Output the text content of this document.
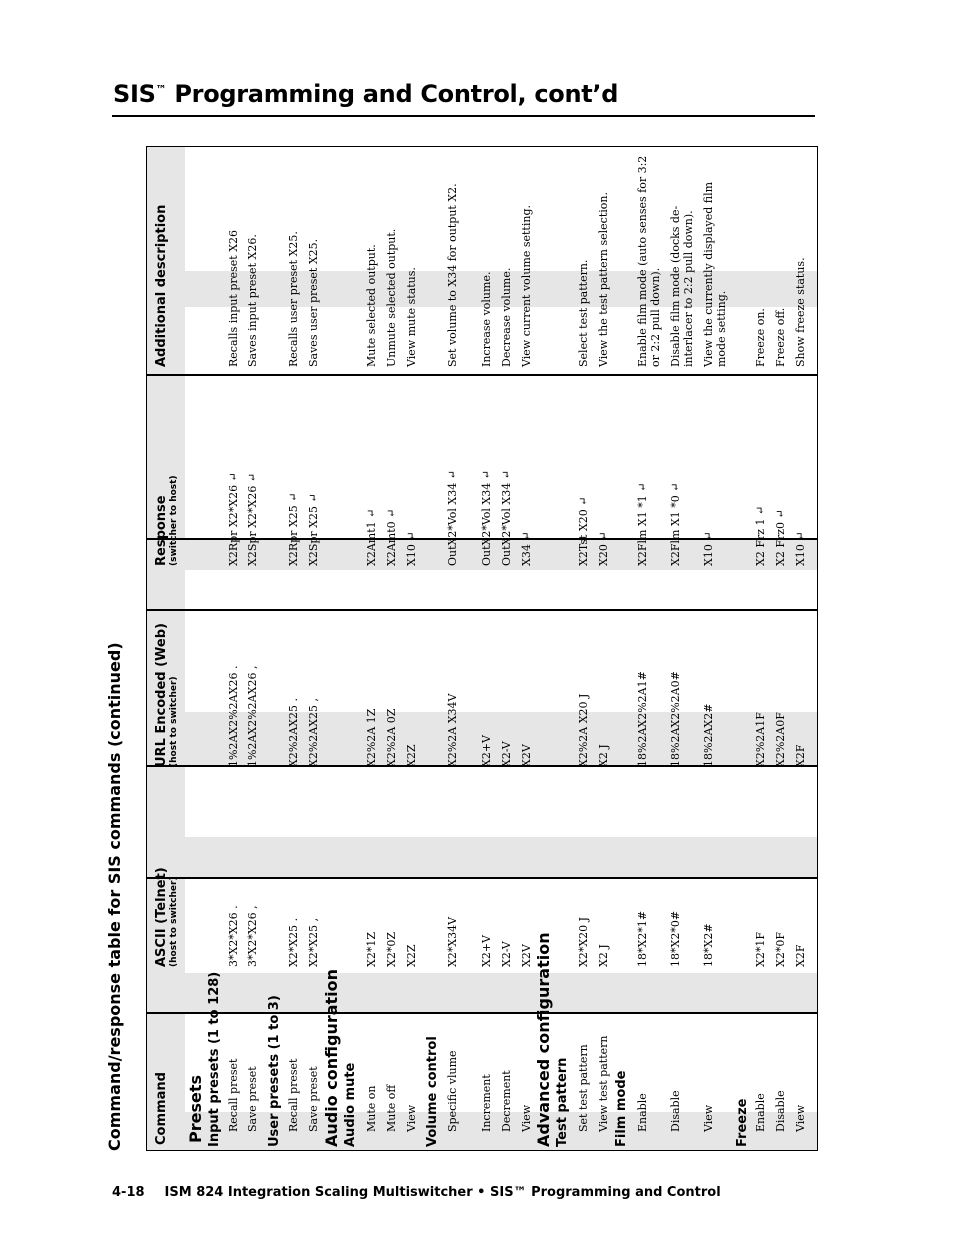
SIS™ Programming and Control, cont’d
Command/response table for SIS commands (continued) Command
ASCII (Telnet) (host to switcher)
URL Encoded (Web) (host to switcher)
Response (switcher to host)
Additional description
Presets Input presets (1 to 128) Recall preset
3*X2*X26 .
1%2AX2%2AX26 .
X2Rpr X2*X26 ↵
Recalls input preset X26
Save preset
3*X2*X26 ,
1%2AX2%2AX26 ,
X2Spr X2*X26 ↵
Saves input preset X26.
User presets (1 to 3) Recall preset
X2*X25 .
X2%2AX25 .
X2Rpr X25 ↵
Recalls user preset X25.
Save preset
X2*X25 ,
X2%2AX25 ,
X2Spr X25 ↵
Saves user preset X25.
Audio configuration Audio mute Mute on
X2*1Z
X2%2A 1Z
X2Amt1 ↵
Mute selected output.
Mute off
X2*0Z
X2%2A 0Z
X2Amt0 ↵
Unmute selected output.
View
X2Z
X2Z
X10 ↵
View mute status.
Volume control Specific vlume
X2*X34V
X2%2A X34V
OutX2*Vol X34 ↵
Set volume to X34 for output X2.
Increment
X2+V
X2+V
OutX2*Vol X34 ↵
Increase volume.
Decrement
X2-V
X2-V
OutX2*Vol X34 ↵
Decrease volume.
View
X2V
X2V
X34 ↵
View current volume setting.
Advanced configuration Test pattern Set test pattern
X2*X20 J
X2%2A X20 J
X2Tst X20 ↵
Select test pattern.
View test pattern
X2 J
X2 J
X20 ↵
View the test pattern selection.
Film mode Enable
18*X2*1#
18%2AX2%2A1#
X2Flm X1 *1 ↵
Enable film mode (auto senses for 3:2 or 2:2 pull down).
Disable
18*X2*0#
18%2AX2%2A0#
X2Flm X1 *0 ↵
Disable film mode (docks de-interlacer to 2:2 pull down).
View
18*X2#
18%2AX2#
X10 ↵
View the currently displayed film mode setting.
Freeze Enable
X2*1F
X2%2A1F
X2 Frz 1 ↵
Freeze on.
Disable
X2*0F
X2%2A0F
X2 Frz0 ↵
Freeze off.
View
X2F
X2F
X10 ↵
Show freeze status.
4-18 ISM 824 Integration Scaling Multiswitcher • SIS™ Programming and Control
